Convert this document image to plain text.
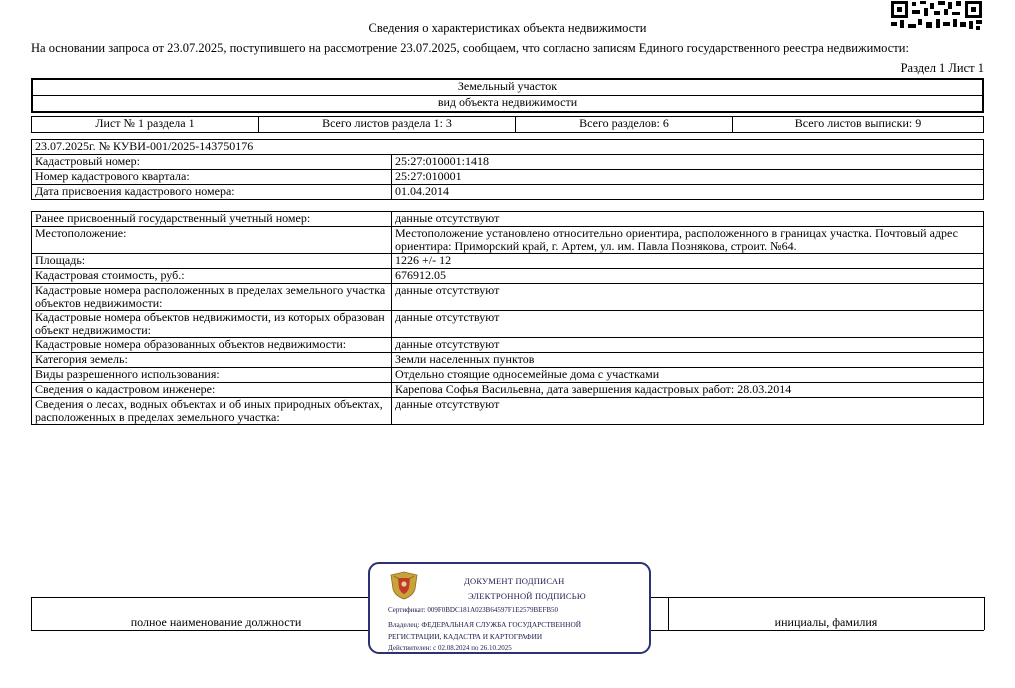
Сведения о характеристиках объекта недвижимости
На основании запроса от 23.07.2025, поступившего на рассмотрение 23.07.2025, сообщаем, что согласно записям Единого государственного реестра недвижимости:
Раздел 1 Лист 1
Земельный участок
вид объекта недвижимости
Лист № 1 раздела 1	Всего листов раздела 1: 3	Всего разделов: 6	Всего листов выписки: 9
23.07.2025г. № КУВИ-001/2025-143750176	
Кадастровый номер:	25:27:010001:1418
Номер кадастрового квартала:	25:27:010001
Дата присвоения кадастрового номера:	01.04.2014
Ранее присвоенный государственный учетный номер:	данные отсутствуют
Местоположение:	Местоположение установлено относительно ориентира, расположенного в границах участка. Почтовый адрес ориентира: Приморский край, г. Артем, ул. им. Павла Познякова, строит. №64.
Площадь:	1226 +/- 12
Кадастровая стоимость, руб.:	676912.05
Кадастровые номера расположенных в пределах земельного участка объектов недвижимости:	данные отсутствуют
Кадастровые номера объектов недвижимости, из которых образован объект недвижимости:	данные отсутствуют
Кадастровые номера образованных объектов недвижимости:	данные отсутствуют
Категория земель:	Земли населенных пунктов
Виды разрешенного использования:	Отдельно стоящие односемейные дома с участками
Сведения о кадастровом инженере:	Карепова Софья Васильевна, дата завершения кадастровых работ: 28.03.2014
Сведения о лесах, водных объектах и об иных природных объектах, расположенных в пределах земельного участка:	данные отсутствуют
полное наименование должности	инициалы, фамилия
ДОКУМЕНТ ПОДПИСАН
ЭЛЕКТРОННОЙ ПОДПИСЬЮ
Сертификат: 009F0BDC181A023B64597F1E2579BEFB50
Владелец: ФЕДЕРАЛЬНАЯ СЛУЖБА ГОСУДАРСТВЕННОЙ
РЕГИСТРАЦИИ, КАДАСТРА И КАРТОГРАФИИ
Действителен: с 02.08.2024 по 26.10.2025
